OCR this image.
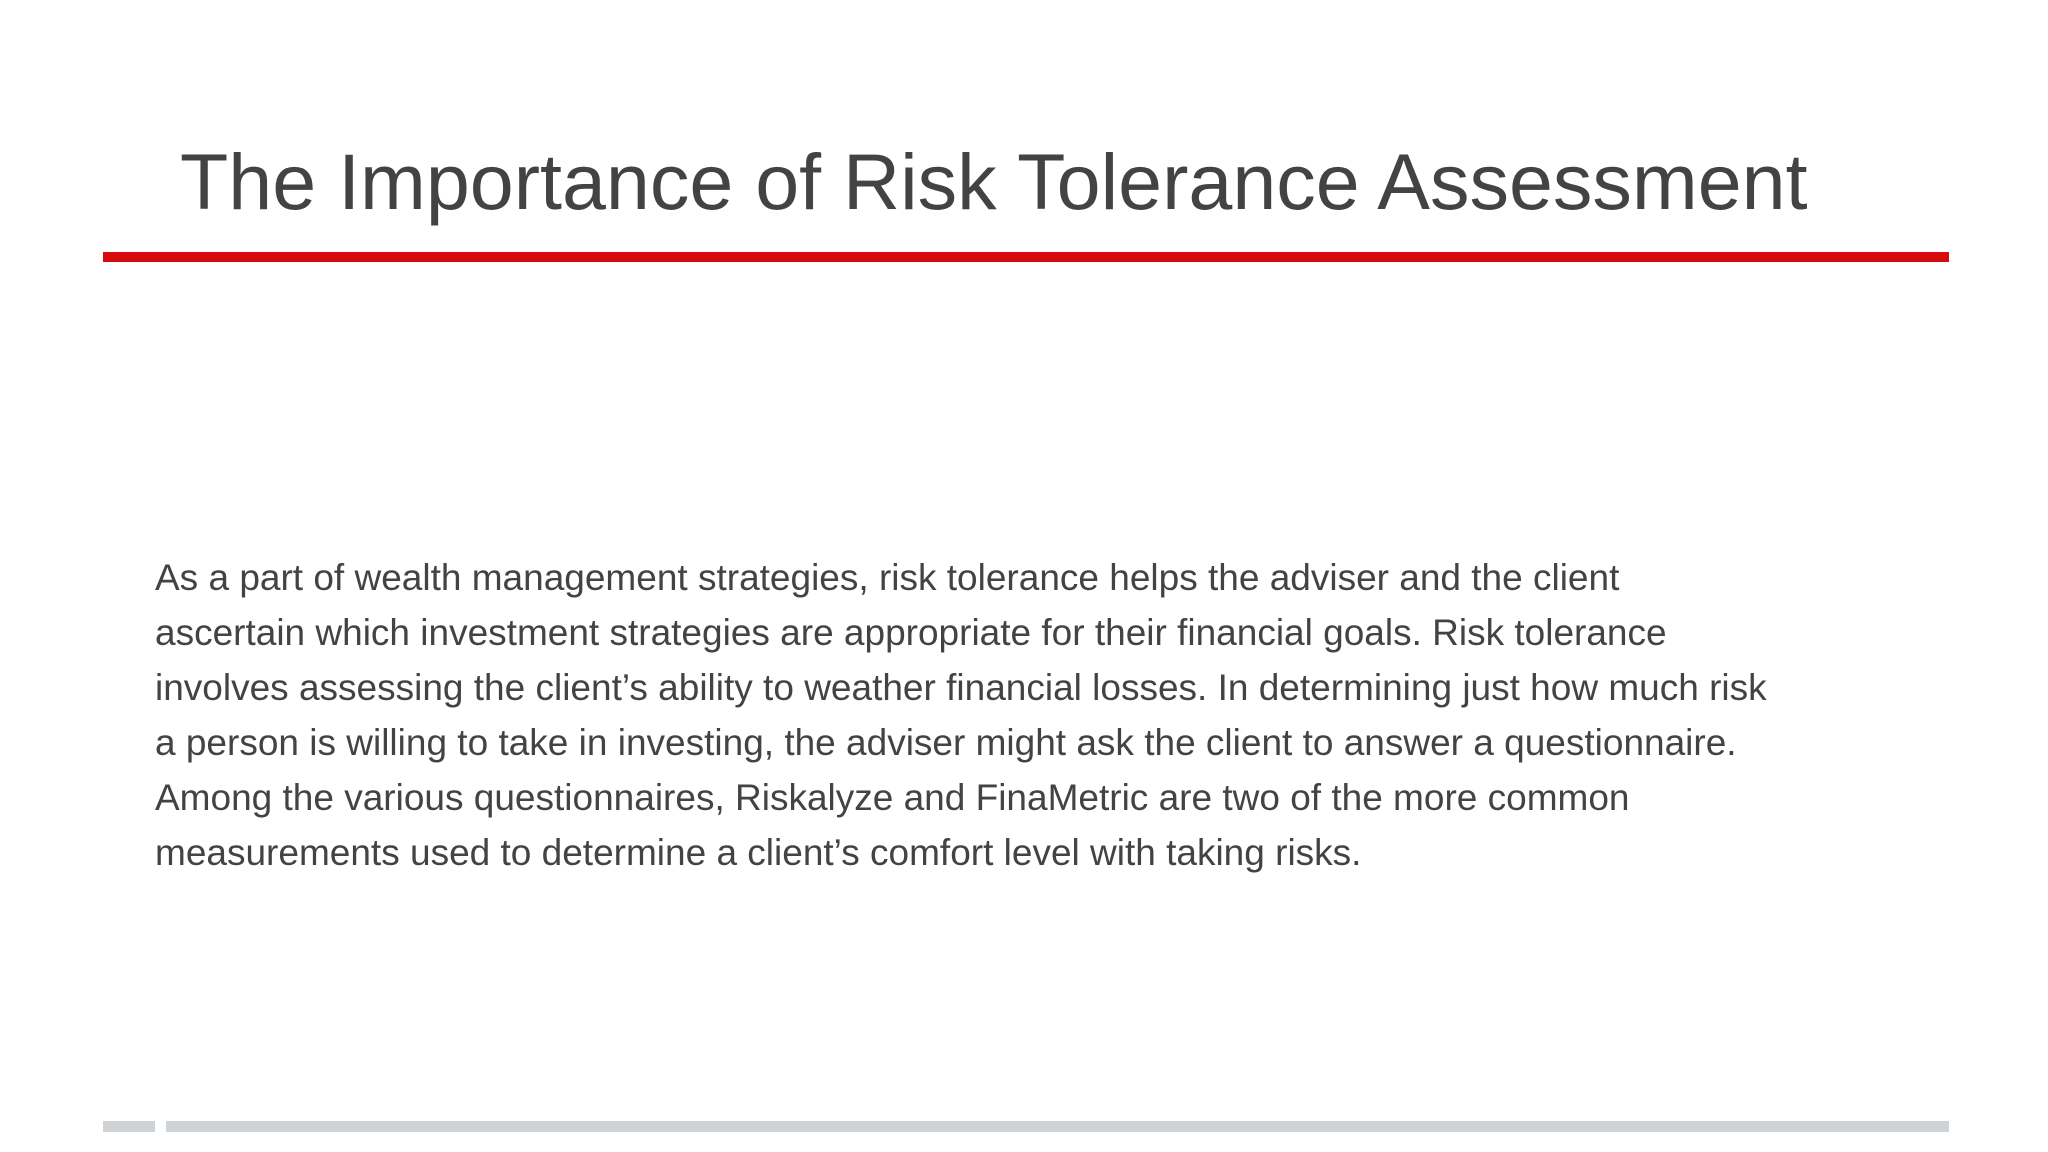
The Importance of Risk Tolerance Assessment

As a part of wealth management strategies, risk tolerance helps the adviser and the client
ascertain which investment strategies are appropriate for their financial goals. Risk tolerance
involves assessing the client’s ability to weather financial losses. In determining just how much risk
a person is willing to take in investing, the adviser might ask the client to answer a questionnaire.
Among the various questionnaires, Riskalyze and FinaMetric are two of the more common
measurements used to determine a client’s comfort level with taking risks.
